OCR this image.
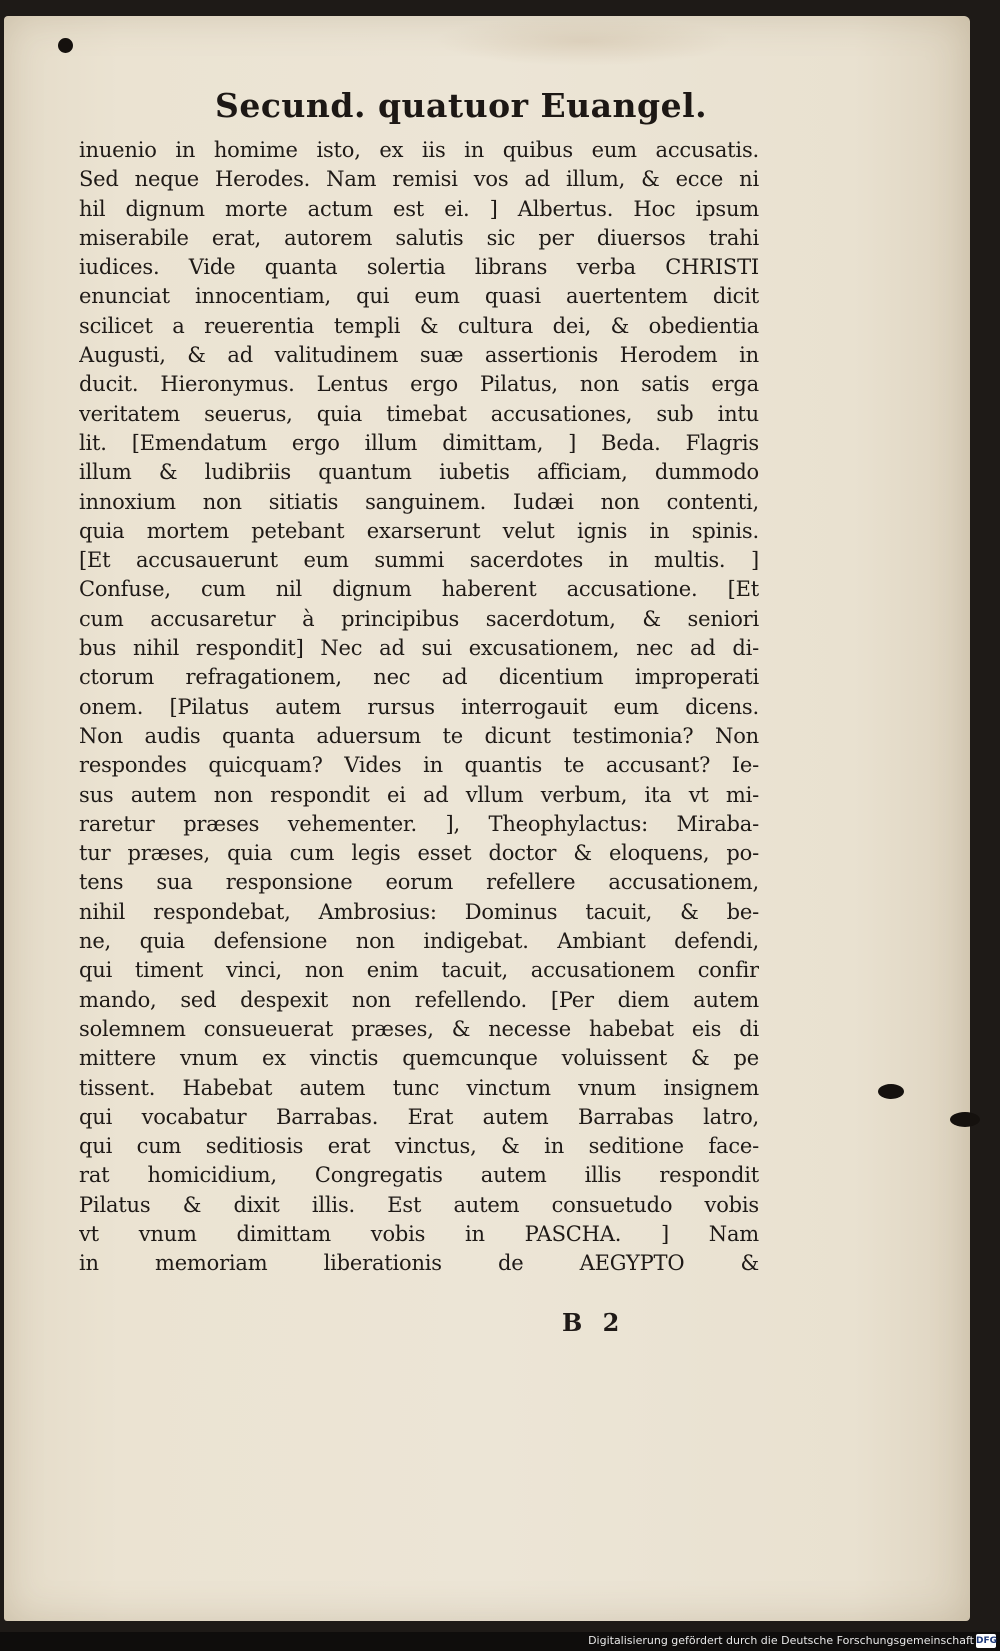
Secund. quatuor Euangel.
inuenio in homime isto, ex iis in quibus eum accusatis.
Sed neque Herodes. Nam remisi vos ad illum, & ecce ni
hil dignum morte actum est ei. ] Albertus. Hoc ipsum
miserabile erat, autorem salutis sic per diuersos trahi
iudices. Vide quanta solertia librans verba CHRISTI
enunciat innocentiam, qui eum quasi auertentem dicit
scilicet a reuerentia templi & cultura dei, & obedientia
Augusti, & ad valitudinem suæ assertionis Herodem in
ducit. Hieronymus. Lentus ergo Pilatus, non satis erga
veritatem seuerus, quia timebat accusationes, sub intu
lit. [Emendatum ergo illum dimittam, ] Beda. Flagris
illum & ludibriis quantum iubetis afficiam, dummodo
innoxium non sitiatis sanguinem. Iudæi non contenti,
quia mortem petebant exarserunt velut ignis in spinis.
[Et accusauerunt eum summi sacerdotes in multis. ]
Confuse, cum nil dignum haberent accusatione. [Et
cum accusaretur à principibus sacerdotum, & seniori
bus nihil respondit] Nec ad sui excusationem, nec ad di-
ctorum refragationem, nec ad dicentium improperati
onem. [Pilatus autem rursus interrogauit eum dicens.
Non audis quanta aduersum te dicunt testimonia? Non
respondes quicquam? Vides in quantis te accusant? Ie-
sus autem non respondit ei ad vllum verbum, ita vt mi-
raretur præses vehementer. ], Theophylactus: Miraba-
tur præses, quia cum legis esset doctor & eloquens, po-
tens sua responsione eorum refellere accusationem,
nihil respondebat, Ambrosius: Dominus tacuit, & be-
ne, quia defensione non indigebat. Ambiant defendi,
qui timent vinci, non enim tacuit, accusationem confir
mando, sed despexit non refellendo. [Per diem autem
solemnem consueuerat præses, & necesse habebat eis di
mittere vnum ex vinctis quemcunque voluissent & pe
tissent. Habebat autem tunc vinctum vnum insignem
qui vocabatur Barrabas. Erat autem Barrabas latro,
qui cum seditiosis erat vinctus, & in seditione face-
rat homicidium, Congregatis autem illis respondit
Pilatus & dixit illis. Est autem consuetudo vobis
vt vnum dimittam vobis in PASCHA. ] Nam
in memoriam liberationis de AEGYPTO &
B 2
Digitalisierung gefördert durch die Deutsche Forschungsgemeinschaft DFG
